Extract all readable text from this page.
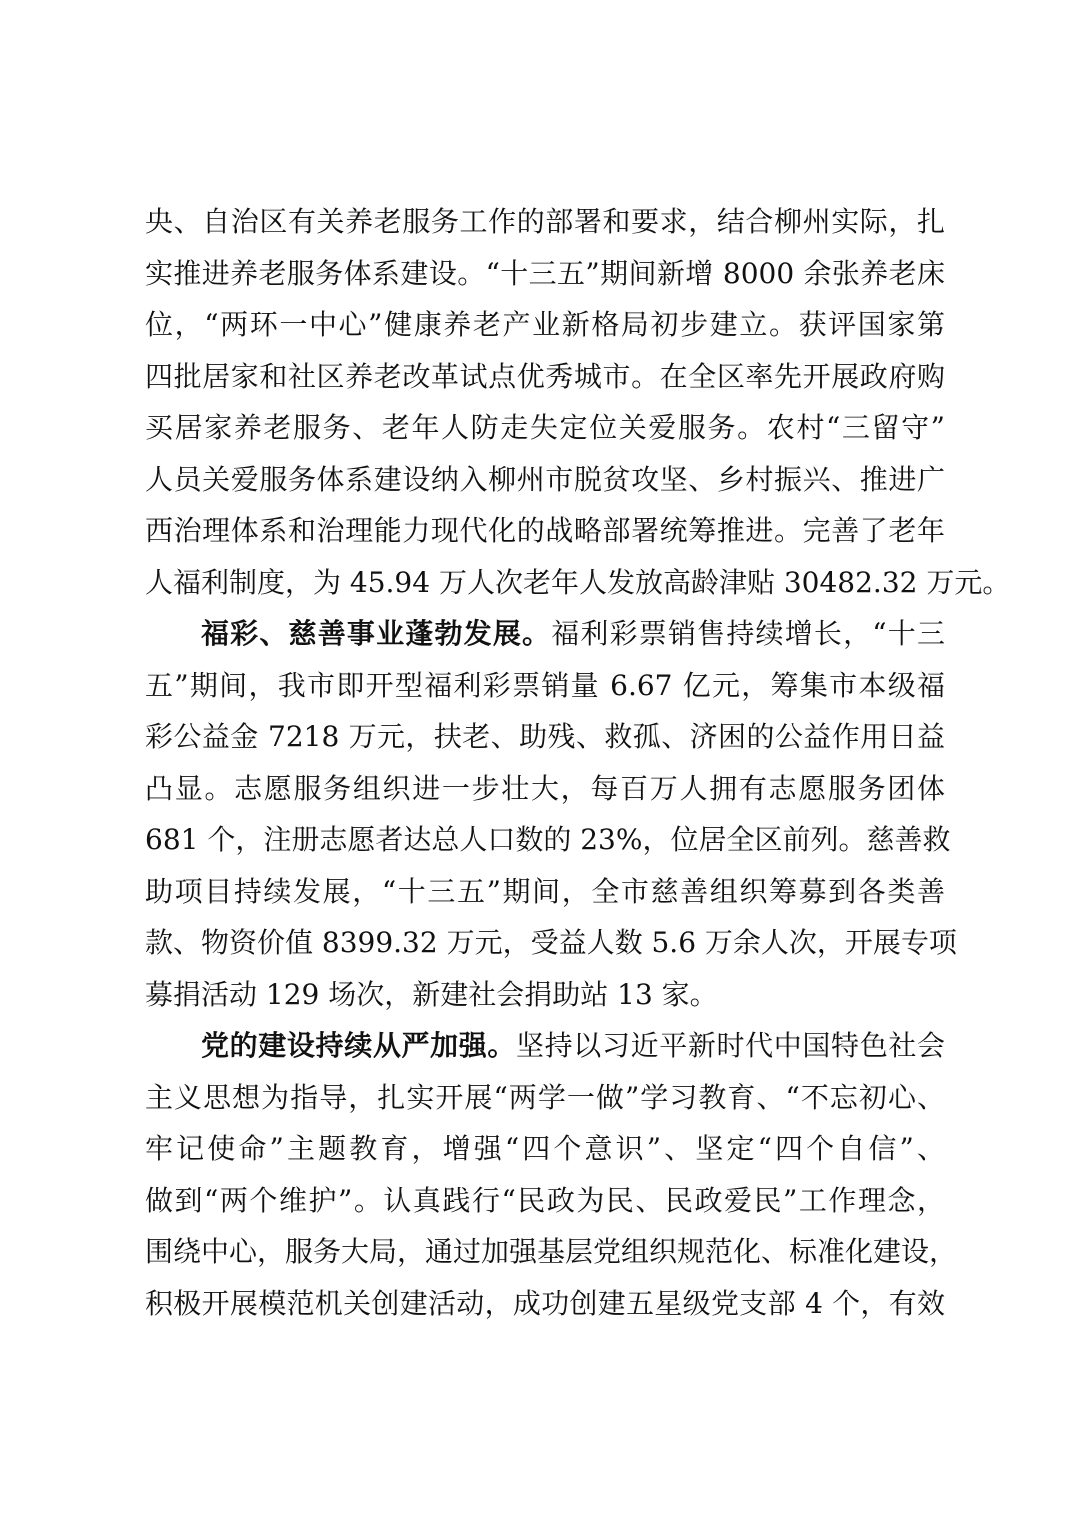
央、自治区有关养老服务工作的部署和要求，结合柳州实际，扎
实推进养老服务体系建设。“十三五”期间新增 8000 余张养老床
位，“两环一中心”健康养老产业新格局初步建立。获评国家第
四批居家和社区养老改革试点优秀城市。在全区率先开展政府购
买居家养老服务、老年人防走失定位关爱服务。农村“三留守”
人员关爱服务体系建设纳入柳州市脱贫攻坚、乡村振兴、推进广
西治理体系和治理能力现代化的战略部署统筹推进。完善了老年
人福利制度，为 45.94 万人次老年人发放高龄津贴 30482.32 万元。
福彩、慈善事业蓬勃发展。福利彩票销售持续增长，“十三
五”期间，我市即开型福利彩票销量 6.67 亿元，筹集市本级福
彩公益金 7218 万元，扶老、助残、救孤、济困的公益作用日益
凸显。志愿服务组织进一步壮大，每百万人拥有志愿服务团体
681 个，注册志愿者达总人口数的 23%，位居全区前列。慈善救
助项目持续发展，“十三五”期间，全市慈善组织筹募到各类善
款、物资价值 8399.32 万元，受益人数 5.6 万余人次，开展专项
募捐活动 129 场次，新建社会捐助站 13 家。
党的建设持续从严加强。坚持以习近平新时代中国特色社会
主义思想为指导，扎实开展“两学一做”学习教育、“不忘初心、
牢记使命”主题教育，增强“四个意识”、坚定“四个自信”、
做到“两个维护”。认真践行“民政为民、民政爱民”工作理念，
围绕中心，服务大局，通过加强基层党组织规范化、标准化建设，
积极开展模范机关创建活动，成功创建五星级党支部 4 个，有效
